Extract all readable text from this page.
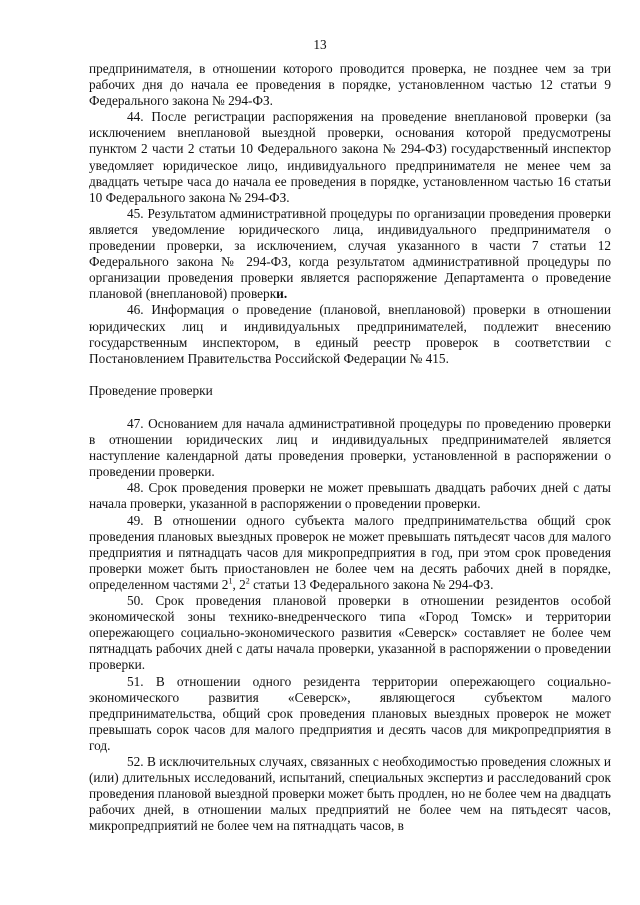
13

предпринимателя, в отношении которого проводится проверка, не позднее чем за три рабочих дня до начала ее проведения в порядке, установленном частью 12 статьи 9 Федерального закона № 294-ФЗ.

44. После регистрации распоряжения на проведение внеплановой проверки (за исключением внеплановой выездной проверки, основания которой предусмотрены пунктом 2 части 2 статьи 10 Федерального закона № 294-ФЗ) государственный инспектор уведомляет юридическое лицо, индивидуального предпринимателя не менее чем за двадцать четыре часа до начала ее проведения в порядке, установленном частью 16 статьи 10 Федерального закона № 294-ФЗ.

45. Результатом административной процедуры по организации проведения проверки является уведомление юридического лица, индивидуального предпринимателя о проведении проверки, за исключением, случая указанного в части 7 статьи 12 Федерального закона № 294-ФЗ, когда результатом административной процедуры по организации проведения проверки является распоряжение Департамента о проведение плановой (внеплановой) проверки.

46. Информация о проведение (плановой, внеплановой) проверки в отношении юридических лиц и индивидуальных предпринимателей, подлежит внесению государственным инспектором, в единый реестр проверок в соответствии с Постановлением Правительства Российской Федерации № 415.

Проведение проверки

47. Основанием для начала административной процедуры по проведению проверки в отношении юридических лиц и индивидуальных предпринимателей является наступление календарной даты проведения проверки, установленной в распоряжении о проведении проверки.

48. Срок проведения проверки не может превышать двадцать рабочих дней с даты начала проверки, указанной в распоряжении о проведении проверки.

49. В отношении одного субъекта малого предпринимательства общий срок проведения плановых выездных проверок не может превышать пятьдесят часов для малого предприятия и пятнадцать часов для микропредприятия в год, при этом срок проведения проверки может быть приостановлен не более чем на десять рабочих дней в порядке, определенном частями $2^1$, $2^2$ статьи 13 Федерального закона № 294-ФЗ.

50. Срок проведения плановой проверки в отношении резидентов особой экономической зоны технико-внедренческого типа «Город Томск» и территории опережающего социально-экономического развития «Северск» составляет не более чем пятнадцать рабочих дней с даты начала проверки, указанной в распоряжении о проведении проверки.

51. В отношении одного резидента территории опережающего социально-экономического развития «Северск», являющегося субъектом малого предпринимательства, общий срок проведения плановых выездных проверок не может превышать сорок часов для малого предприятия и десять часов для микропредприятия в год.

52. В исключительных случаях, связанных с необходимостью проведения сложных и (или) длительных исследований, испытаний, специальных экспертиз и расследований срок проведения плановой выездной проверки может быть продлен, но не более чем на двадцать рабочих дней, в отношении малых предприятий не более чем на пятьдесят часов, микропредприятий не более чем на пятнадцать часов, в
